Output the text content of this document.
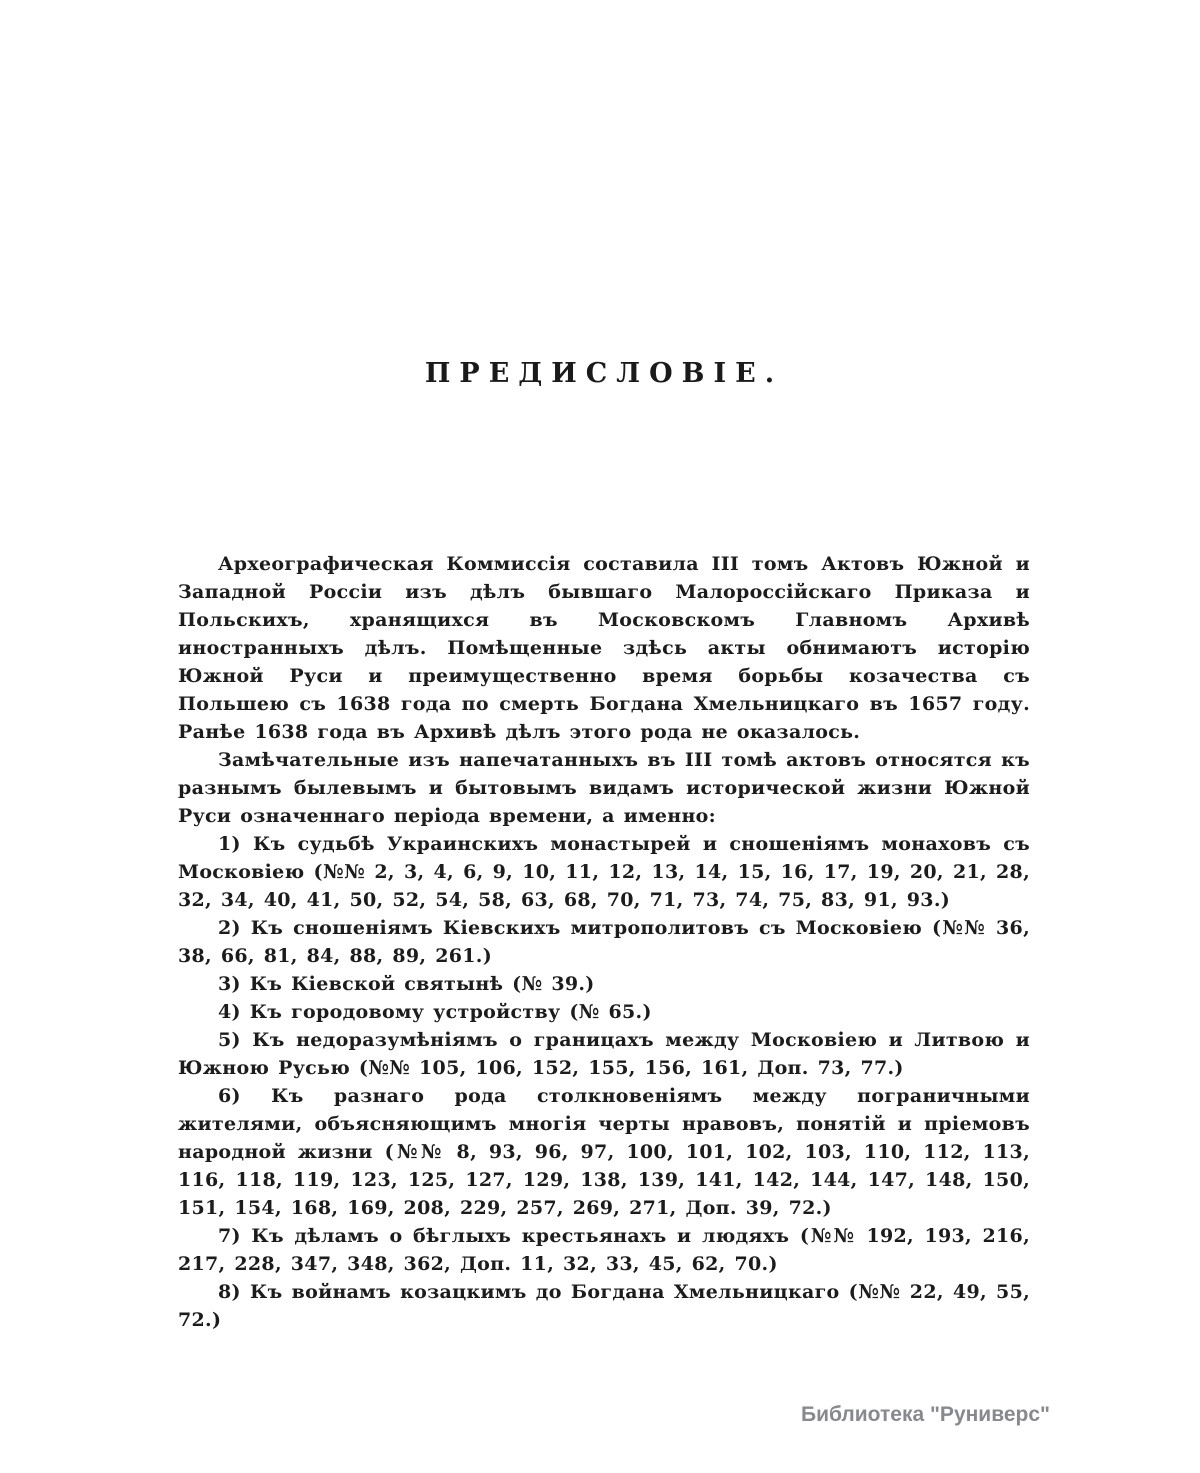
ПРЕДИСЛОВІЕ.

Археографическая Коммиссія составила III томъ Актовъ Южной и Западной Россіи изъ дѣлъ бывшаго Малороссійскаго Приказа и Польскихъ, хранящихся въ Московскомъ Главномъ Архивѣ иностранныхъ дѣлъ. Помѣщенные здѣсь акты обнимаютъ исторію Южной Руси и преимущественно время борьбы козачества съ Польшею съ 1638 года по смерть Богдана Хмельницкаго въ 1657 году. Ранѣе 1638 года въ Архивѣ дѣлъ этого рода не оказалось.

Замѣчательные изъ напечатанныхъ въ III томѣ актовъ относятся къ разнымъ былевымъ и бытовымъ видамъ исторической жизни Южной Руси означеннаго періода времени, а именно:

1) Къ судьбѣ Украинскихъ монастырей и сношеніямъ монаховъ съ Московіею (№№ 2, 3, 4, 6, 9, 10, 11, 12, 13, 14, 15, 16, 17, 19, 20, 21, 28, 32, 34, 40, 41, 50, 52, 54, 58, 63, 68, 70, 71, 73, 74, 75, 83, 91, 93.)

2) Къ сношеніямъ Кіевскихъ митрополитовъ съ Московіею (№№ 36, 38, 66, 81, 84, 88, 89, 261.)

3) Къ Кіевской святынѣ (№ 39.)

4) Къ городовому устройству (№ 65.)

5) Къ недоразумѣніямъ о границахъ между Московіею и Литвою и Южною Русью (№№ 105, 106, 152, 155, 156, 161, Доп. 73, 77.)

6) Къ разнаго рода столкновеніямъ между пограничными жителями, объясняющимъ многія черты нравовъ, понятій и пріемовъ народной жизни (№№ 8, 93, 96, 97, 100, 101, 102, 103, 110, 112, 113, 116, 118, 119, 123, 125, 127, 129, 138, 139, 141, 142, 144, 147, 148, 150, 151, 154, 168, 169, 208, 229, 257, 269, 271, Доп. 39, 72.)

7) Къ дѣламъ о бѣглыхъ крестьянахъ и людяхъ (№№ 192, 193, 216, 217, 228, 347, 348, 362, Доп. 11, 32, 33, 45, 62, 70.)

8) Къ войнамъ козацкимъ до Богдана Хмельницкаго (№№ 22, 49, 55, 72.)

Библиотека "Руниверс"
